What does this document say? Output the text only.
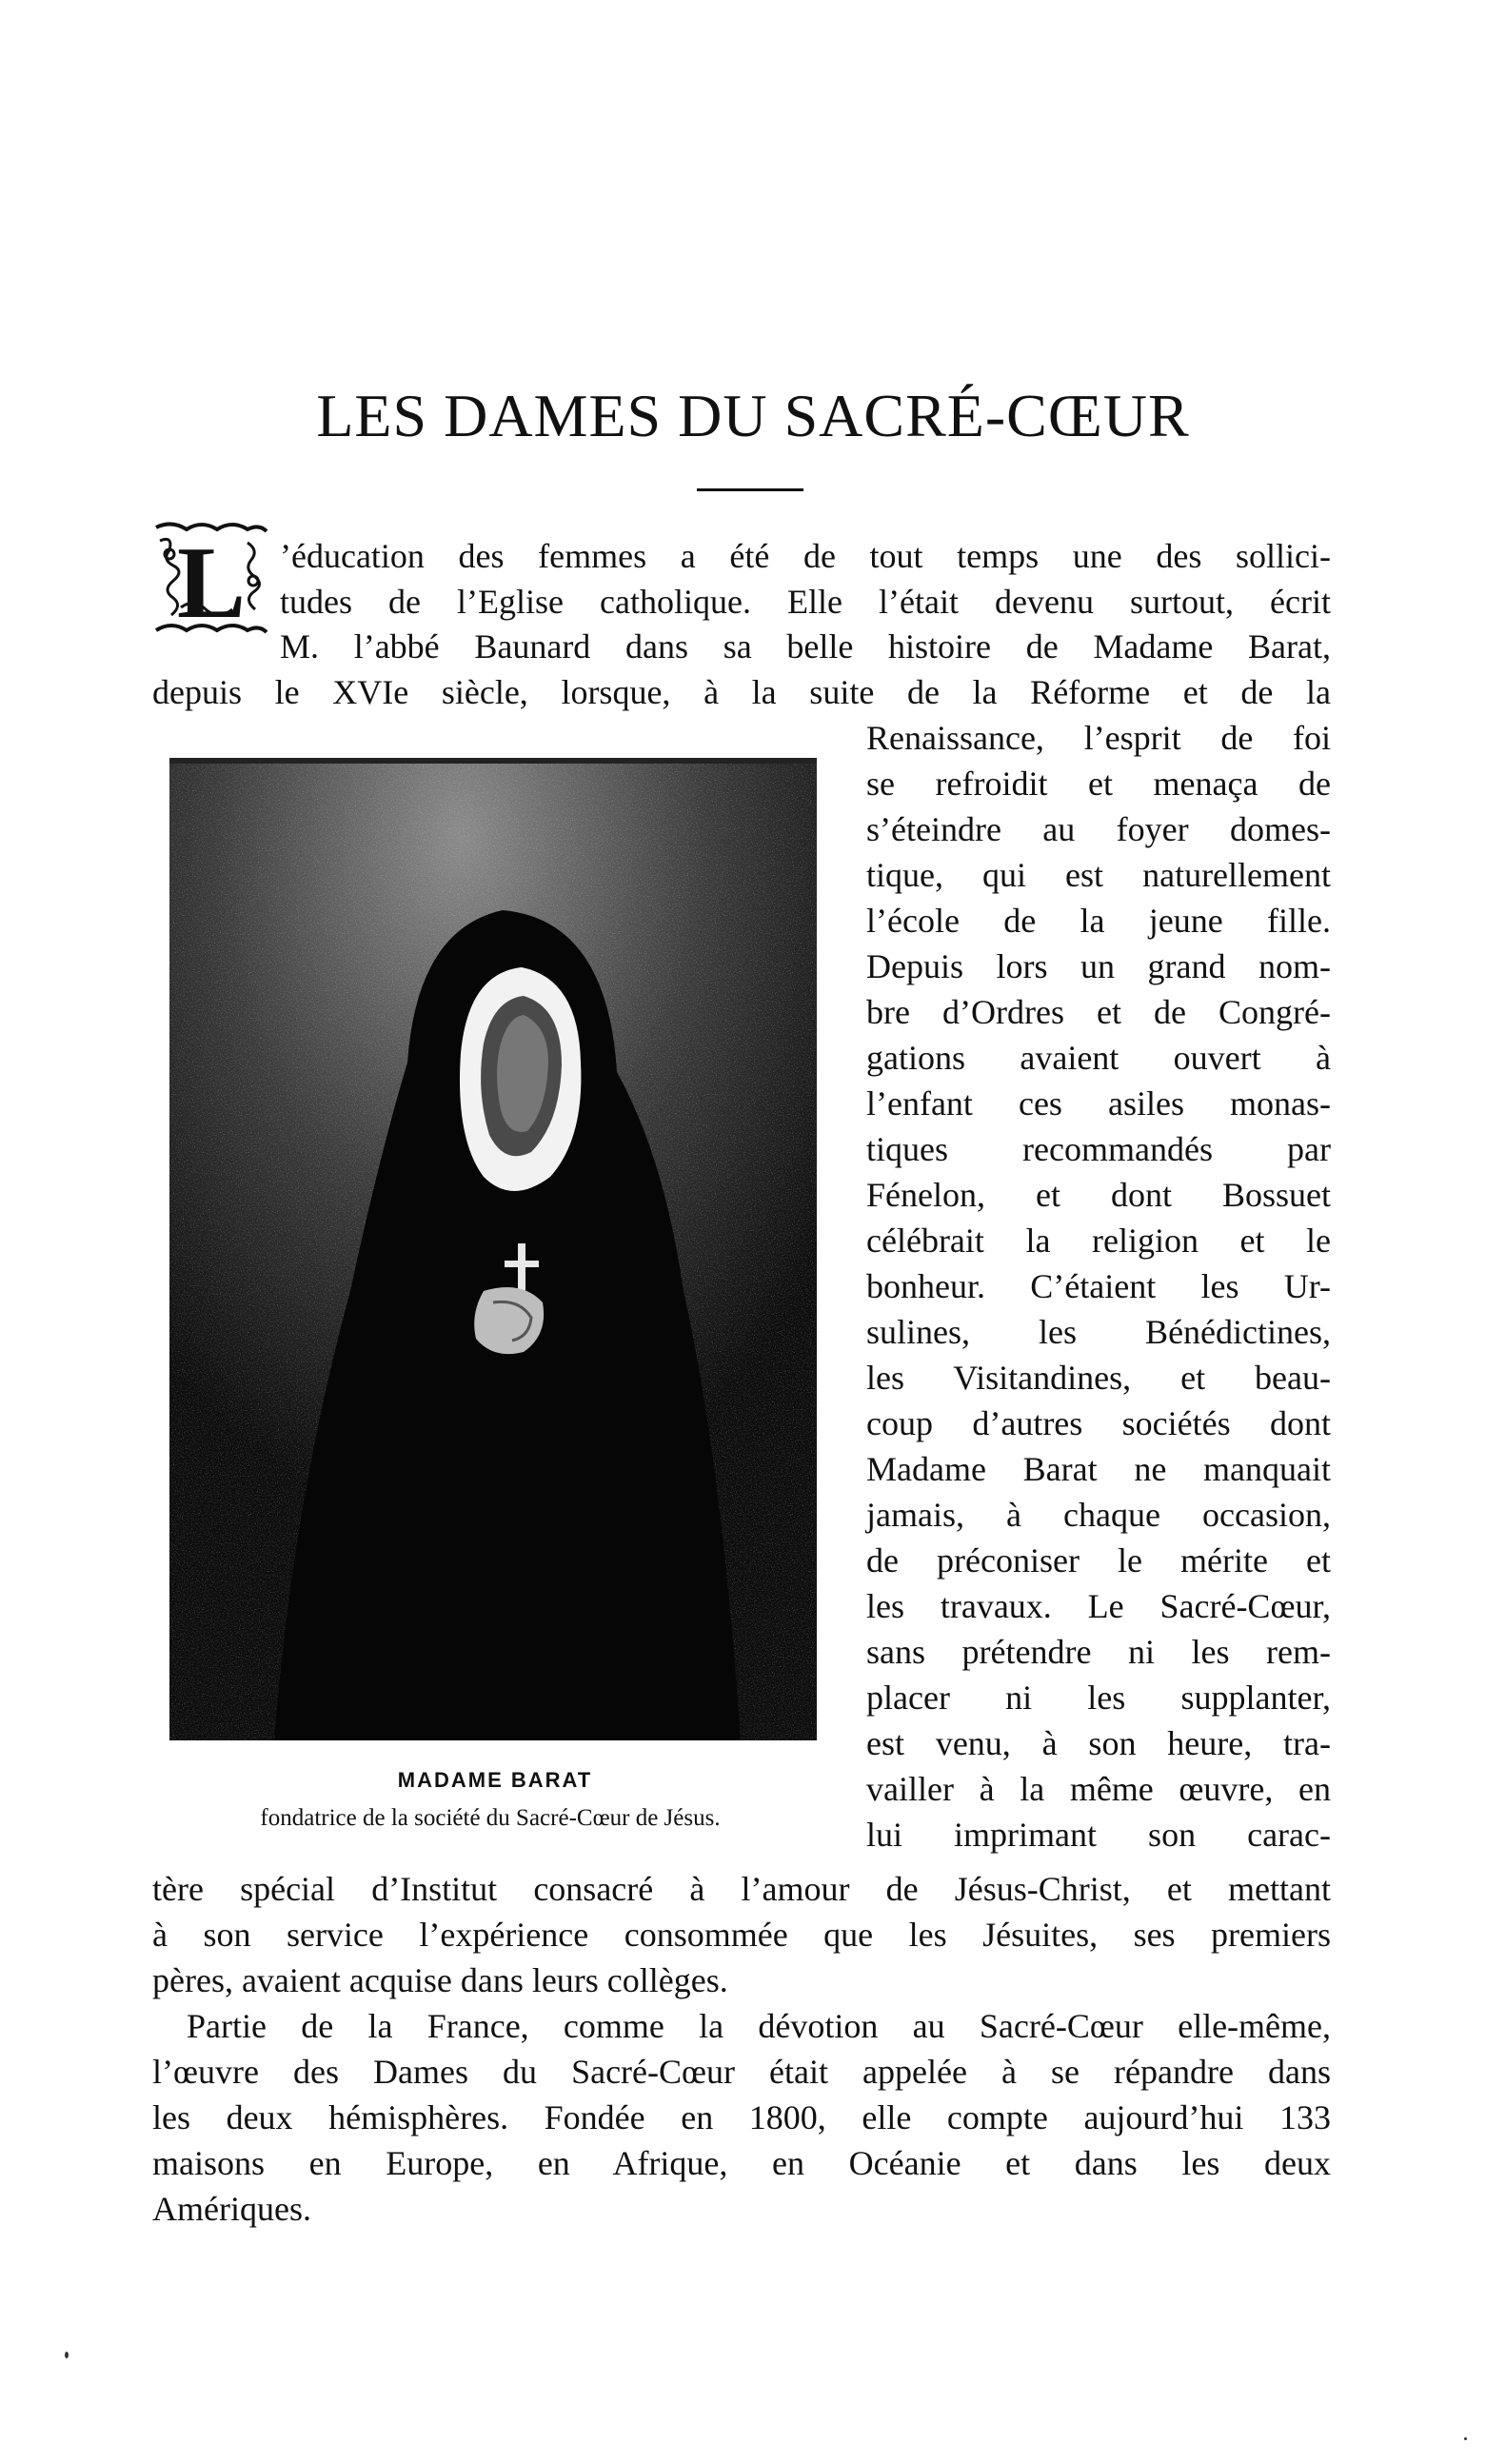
LES DAMES DU SACRÉ-CŒUR
L ’éducation des femmes a été de tout temps une des sollici-
tudes de l’Eglise catholique. Elle l’était devenu surtout, écrit
M. l’abbé Baunard dans sa belle histoire de Madame Barat,
depuis le XVIe siècle, lorsque, à la suite de la Réforme et de la
Renaissance, l’esprit de foi
se refroidit et menaça de
s’éteindre au foyer domes-
tique, qui est naturellement
l’école de la jeune fille.
Depuis lors un grand nom-
bre d’Ordres et de Congré-
gations avaient ouvert à
l’enfant ces asiles monas-
tiques recommandés par
Fénelon, et dont Bossuet
célébrait la religion et le
bonheur. C’étaient les Ur-
sulines, les Bénédictines,
les Visitandines, et beau-
coup d’autres sociétés dont
Madame Barat ne manquait
jamais, à chaque occasion,
de préconiser le mérite et
les travaux. Le Sacré-Cœur,
sans prétendre ni les rem-
placer ni les supplanter,
est venu, à son heure, tra-
vailler à la même œuvre, en
lui imprimant son carac-
MADAME BARAT
fondatrice de la société du Sacré-Cœur de Jésus.
tère spécial d’Institut consacré à l’amour de Jésus-Christ, et mettant
à son service l’expérience consommée que les Jésuites, ses premiers
pères, avaient acquise dans leurs collèges.
Partie de la France, comme la dévotion au Sacré-Cœur elle-même,
l’œuvre des Dames du Sacré-Cœur était appelée à se répandre dans
les deux hémisphères. Fondée en 1800, elle compte aujourd’hui 133
maisons en Europe, en Afrique, en Océanie et dans les deux
Amériques.
